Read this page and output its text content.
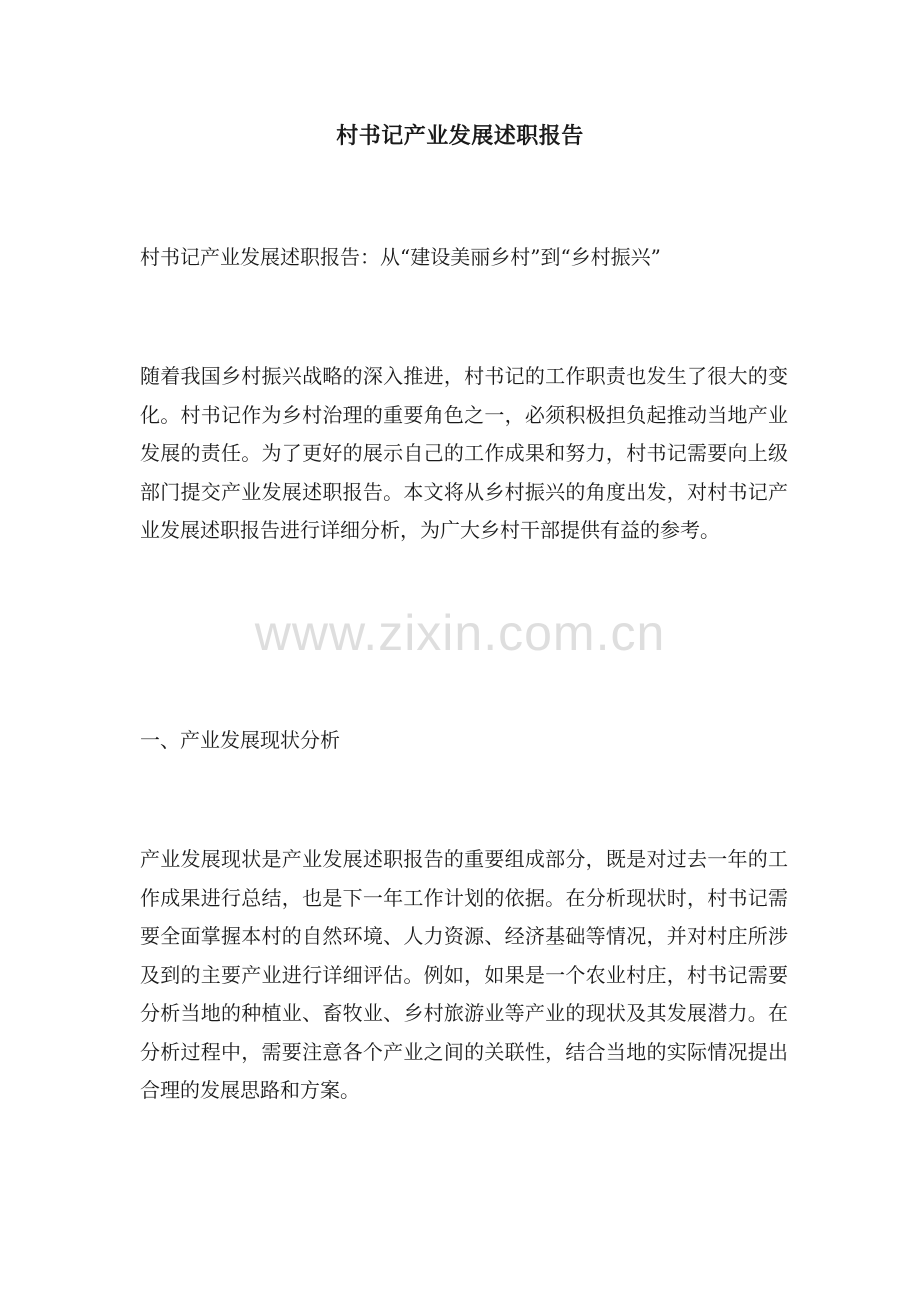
村书记产业发展述职报告
村书记产业发展述职报告：从“建设美丽乡村”到“乡村振兴”
随着我国乡村振兴战略的深入推进，村书记的工作职责也发生了很大的变化。村书记作为乡村治理的重要角色之一，必须积极担负起推动当地产业发展的责任。为了更好的展示自己的工作成果和努力，村书记需要向上级部门提交产业发展述职报告。本文将从乡村振兴的角度出发，对村书记产业发展述职报告进行详细分析，为广大乡村干部提供有益的参考。
一、产业发展现状分析
产业发展现状是产业发展述职报告的重要组成部分，既是对过去一年的工作成果进行总结，也是下一年工作计划的依据。在分析现状时，村书记需要全面掌握本村的自然环境、人力资源、经济基础等情况，并对村庄所涉及到的主要产业进行详细评估。例如，如果是一个农业村庄，村书记需要分析当地的种植业、畜牧业、乡村旅游业等产业的现状及其发展潜力。在分析过程中，需要注意各个产业之间的关联性，结合当地的实际情况提出合理的发展思路和方案。
www.zixin.com.cn
